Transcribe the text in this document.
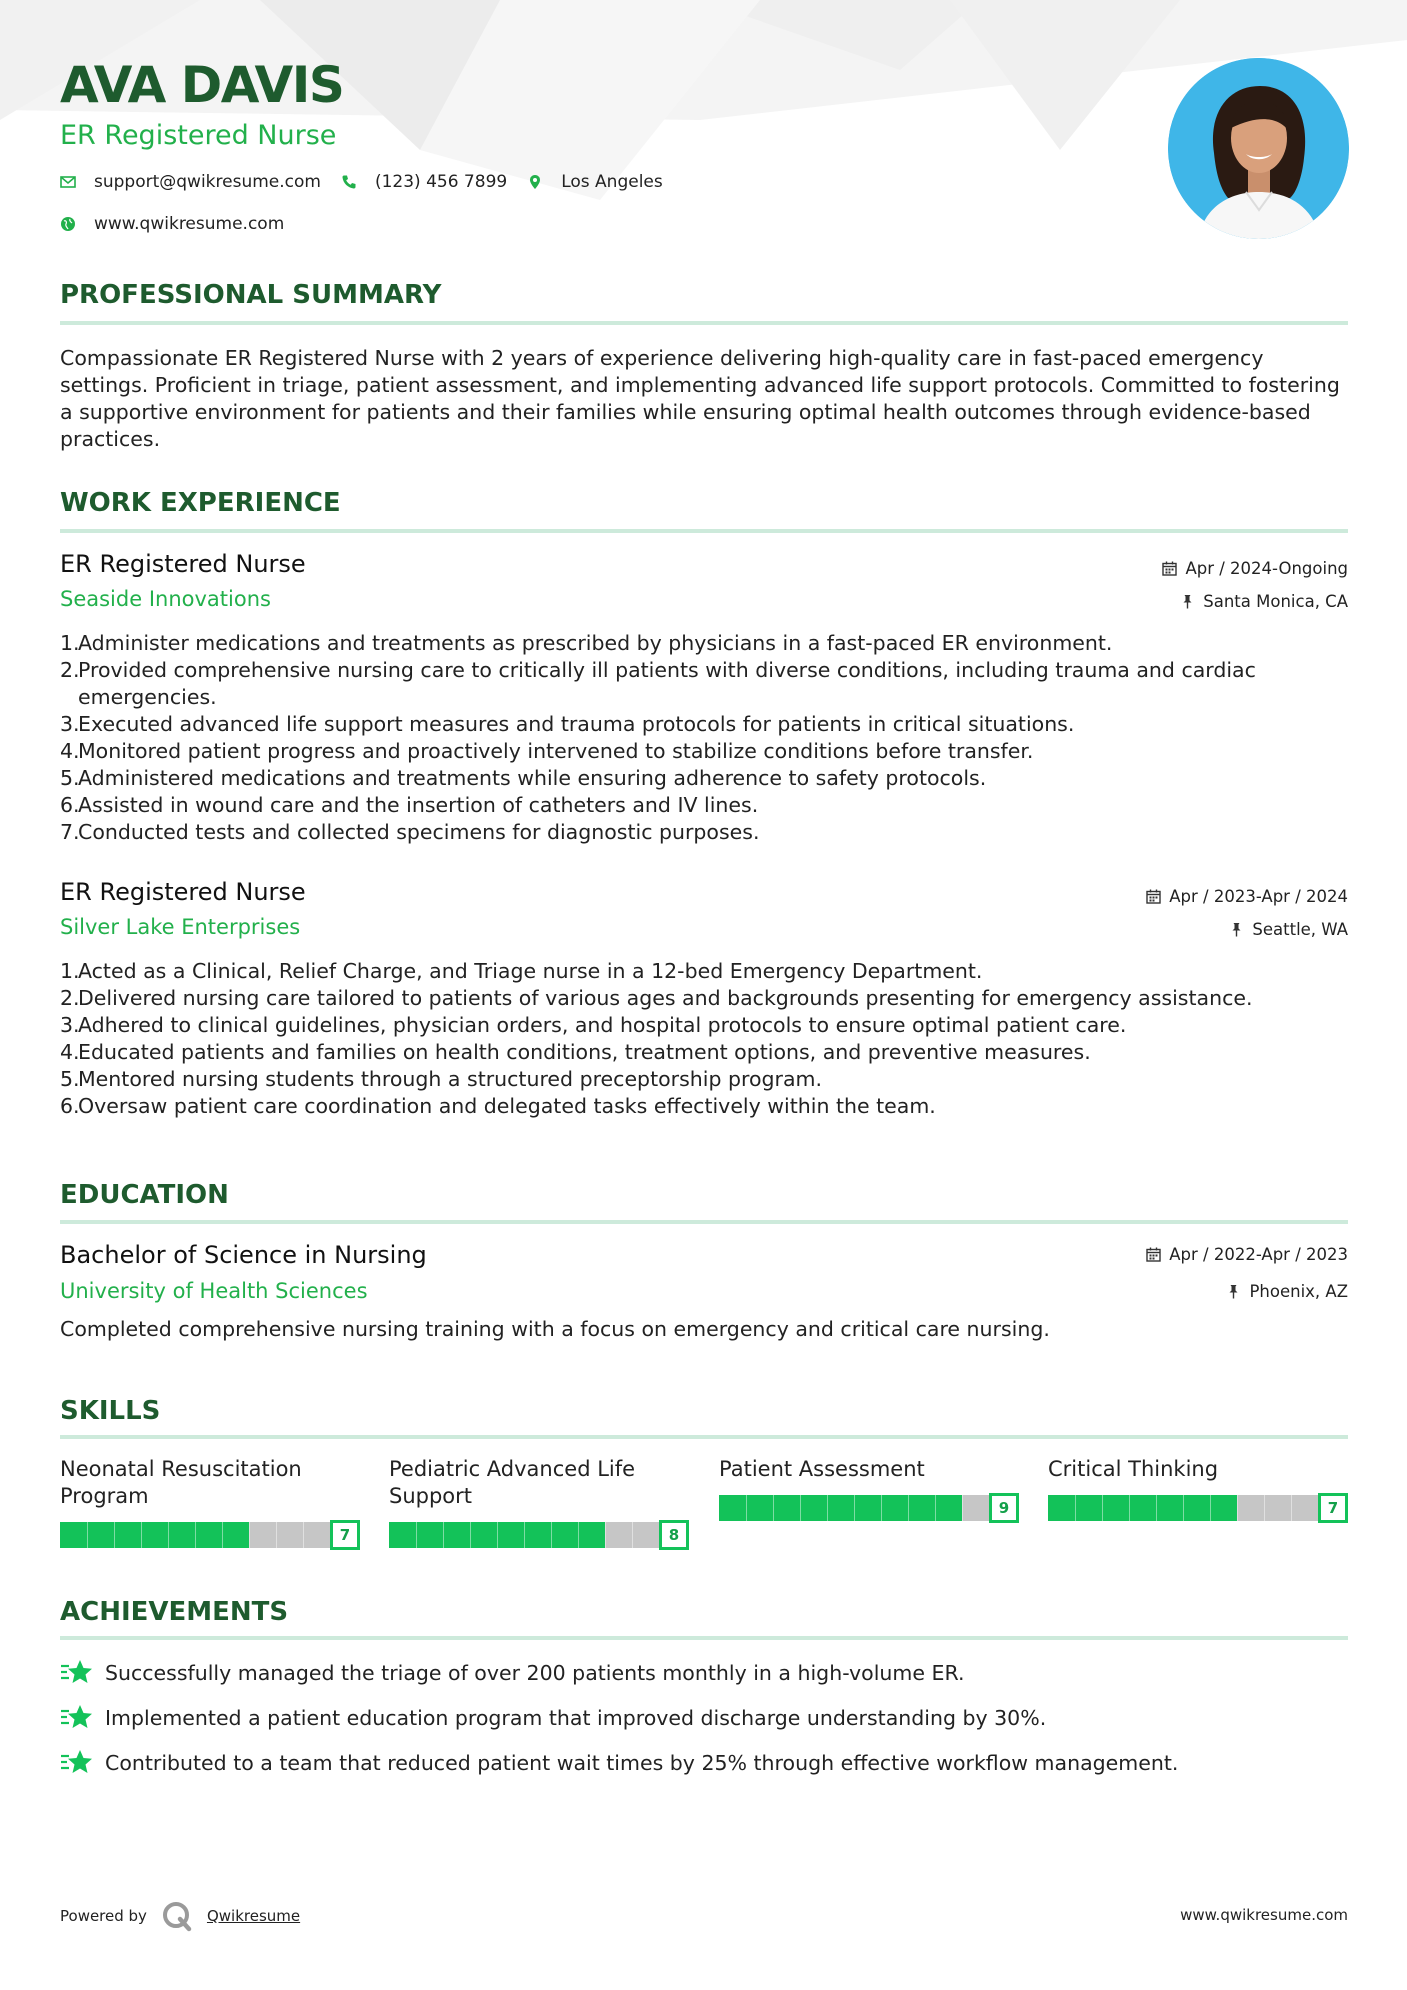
AVA DAVIS
ER Registered Nurse
support@qwikresume.com	(123) 456 7899	Los Angeles
www.qwikresume.com
PROFESSIONAL SUMMARY
Compassionate ER Registered Nurse with 2 years of experience delivering high-quality care in fast-paced emergency settings. Proficient in triage, patient assessment, and implementing advanced life support protocols. Committed to fostering a supportive environment for patients and their families while ensuring optimal health outcomes through evidence-based practices.
WORK EXPERIENCE
ER Registered Nurse
Seaside Innovations
Apr / 2024-Ongoing
Santa Monica, CA
1.
Administer medications and treatments as prescribed by physicians in a fast-paced ER environment.
2.
Provided comprehensive nursing care to critically ill patients with diverse conditions, including trauma and cardiac emergencies.
3.
Executed advanced life support measures and trauma protocols for patients in critical situations.
4.
Monitored patient progress and proactively intervened to stabilize conditions before transfer.
5.
Administered medications and treatments while ensuring adherence to safety protocols.
6.
Assisted in wound care and the insertion of catheters and IV lines.
7.
Conducted tests and collected specimens for diagnostic purposes.
ER Registered Nurse
Silver Lake Enterprises
Apr / 2023-Apr / 2024
Seattle, WA
1.
Acted as a Clinical, Relief Charge, and Triage nurse in a 12-bed Emergency Department.
2.
Delivered nursing care tailored to patients of various ages and backgrounds presenting for emergency assistance.
3.
Adhered to clinical guidelines, physician orders, and hospital protocols to ensure optimal patient care.
4.
Educated patients and families on health conditions, treatment options, and preventive measures.
5.
Mentored nursing students through a structured preceptorship program.
6.
Oversaw patient care coordination and delegated tasks effectively within the team.
EDUCATION
Bachelor of Science in Nursing
University of Health Sciences
Apr / 2022-Apr / 2023
Phoenix, AZ
Completed comprehensive nursing training with a focus on emergency and critical care nursing.
SKILLS
Neonatal Resuscitation Program
7
Pediatric Advanced Life Support
8
Patient Assessment
9
Critical Thinking
7
ACHIEVEMENTS
Successfully managed the triage of over 200 patients monthly in a high-volume ER.
Implemented a patient education program that improved discharge understanding by 30%.
Contributed to a team that reduced patient wait times by 25% through effective workflow management.
Powered by	Qwikresume	www.qwikresume.com
